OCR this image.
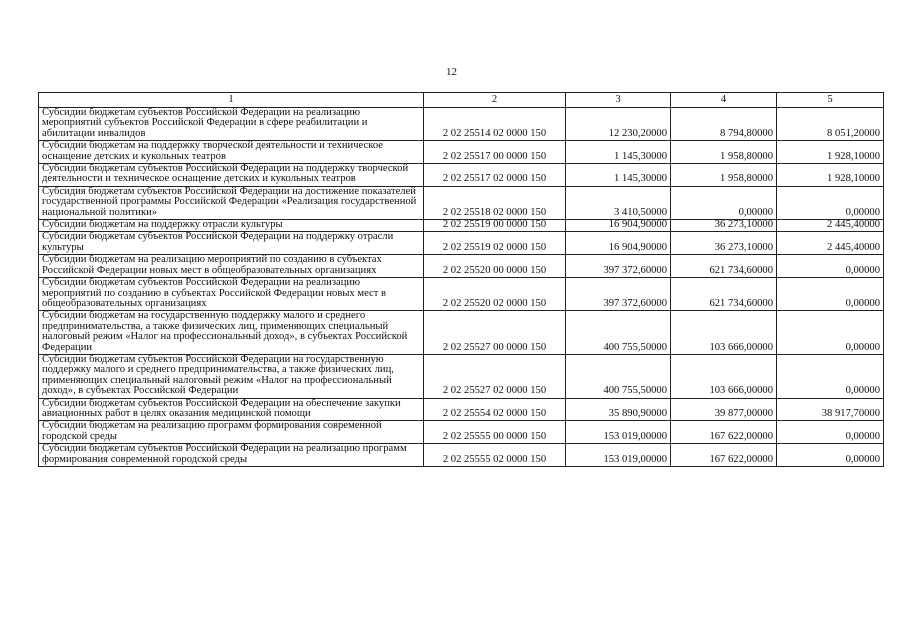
12
1	2	3	4	5
Субсидии бюджетам субъектов Российской Федерации на реализацию мероприятий субъектов Российской Федерации в сфере реабилитации и абилитации инвалидов	2 02 25514 02 0000 150	12 230,20000	8 794,80000	8 051,20000
Субсидии бюджетам на поддержку творческой деятельности и техническое оснащение детских и кукольных театров	2 02 25517 00 0000 150	1 145,30000	1 958,80000	1 928,10000
Субсидии бюджетам субъектов Российской Федерации на поддержку творческой деятельности и техническое оснащение детских и кукольных театров	2 02 25517 02 0000 150	1 145,30000	1 958,80000	1 928,10000
Субсидия бюджетам субъектов Российской Федерации на достижение показателей государственной программы Российской Федерации «Реализация государственной национальной политики»	2 02 25518 02 0000 150	3 410,50000	0,00000	0,00000
Субсидии бюджетам на поддержку отрасли культуры	2 02 25519 00 0000 150	16 904,90000	36 273,10000	2 445,40000
Субсидии бюджетам субъектов Российской Федерации на поддержку отрасли культуры	2 02 25519 02 0000 150	16 904,90000	36 273,10000	2 445,40000
Субсидии бюджетам на реализацию мероприятий по созданию в субъектах Российской Федерации новых мест в общеобразовательных организациях	2 02 25520 00 0000 150	397 372,60000	621 734,60000	0,00000
Субсидии бюджетам субъектов Российской Федерации на реализацию мероприятий по созданию в субъектах Российской Федерации новых мест в общеобразовательных организациях	2 02 25520 02 0000 150	397 372,60000	621 734,60000	0,00000
Субсидии бюджетам на государственную поддержку малого и среднего предпринимательства, а также физических лиц, применяющих специальный налоговый режим «Налог на профессиональный доход», в субъектах Российской Федерации	2 02 25527 00 0000 150	400 755,50000	103 666,00000	0,00000
Субсидии бюджетам субъектов Российской Федерации на государственную поддержку малого и среднего предпринимательства, а также физических лиц, применяющих специальный налоговый режим «Налог на профессиональный доход», в субъектах Российской Федерации	2 02 25527 02 0000 150	400 755,50000	103 666,00000	0,00000
Субсидии бюджетам субъектов Российской Федерации на обеспечение закупки авиационных работ в целях оказания медицинской помощи	2 02 25554 02 0000 150	35 890,90000	39 877,00000	38 917,70000
Субсидии бюджетам на реализацию программ формирования современной городской среды	2 02 25555 00 0000 150	153 019,00000	167 622,00000	0,00000
Субсидии бюджетам субъектов Российской Федерации на реализацию программ формирования современной городской среды	2 02 25555 02 0000 150	153 019,00000	167 622,00000	0,00000
